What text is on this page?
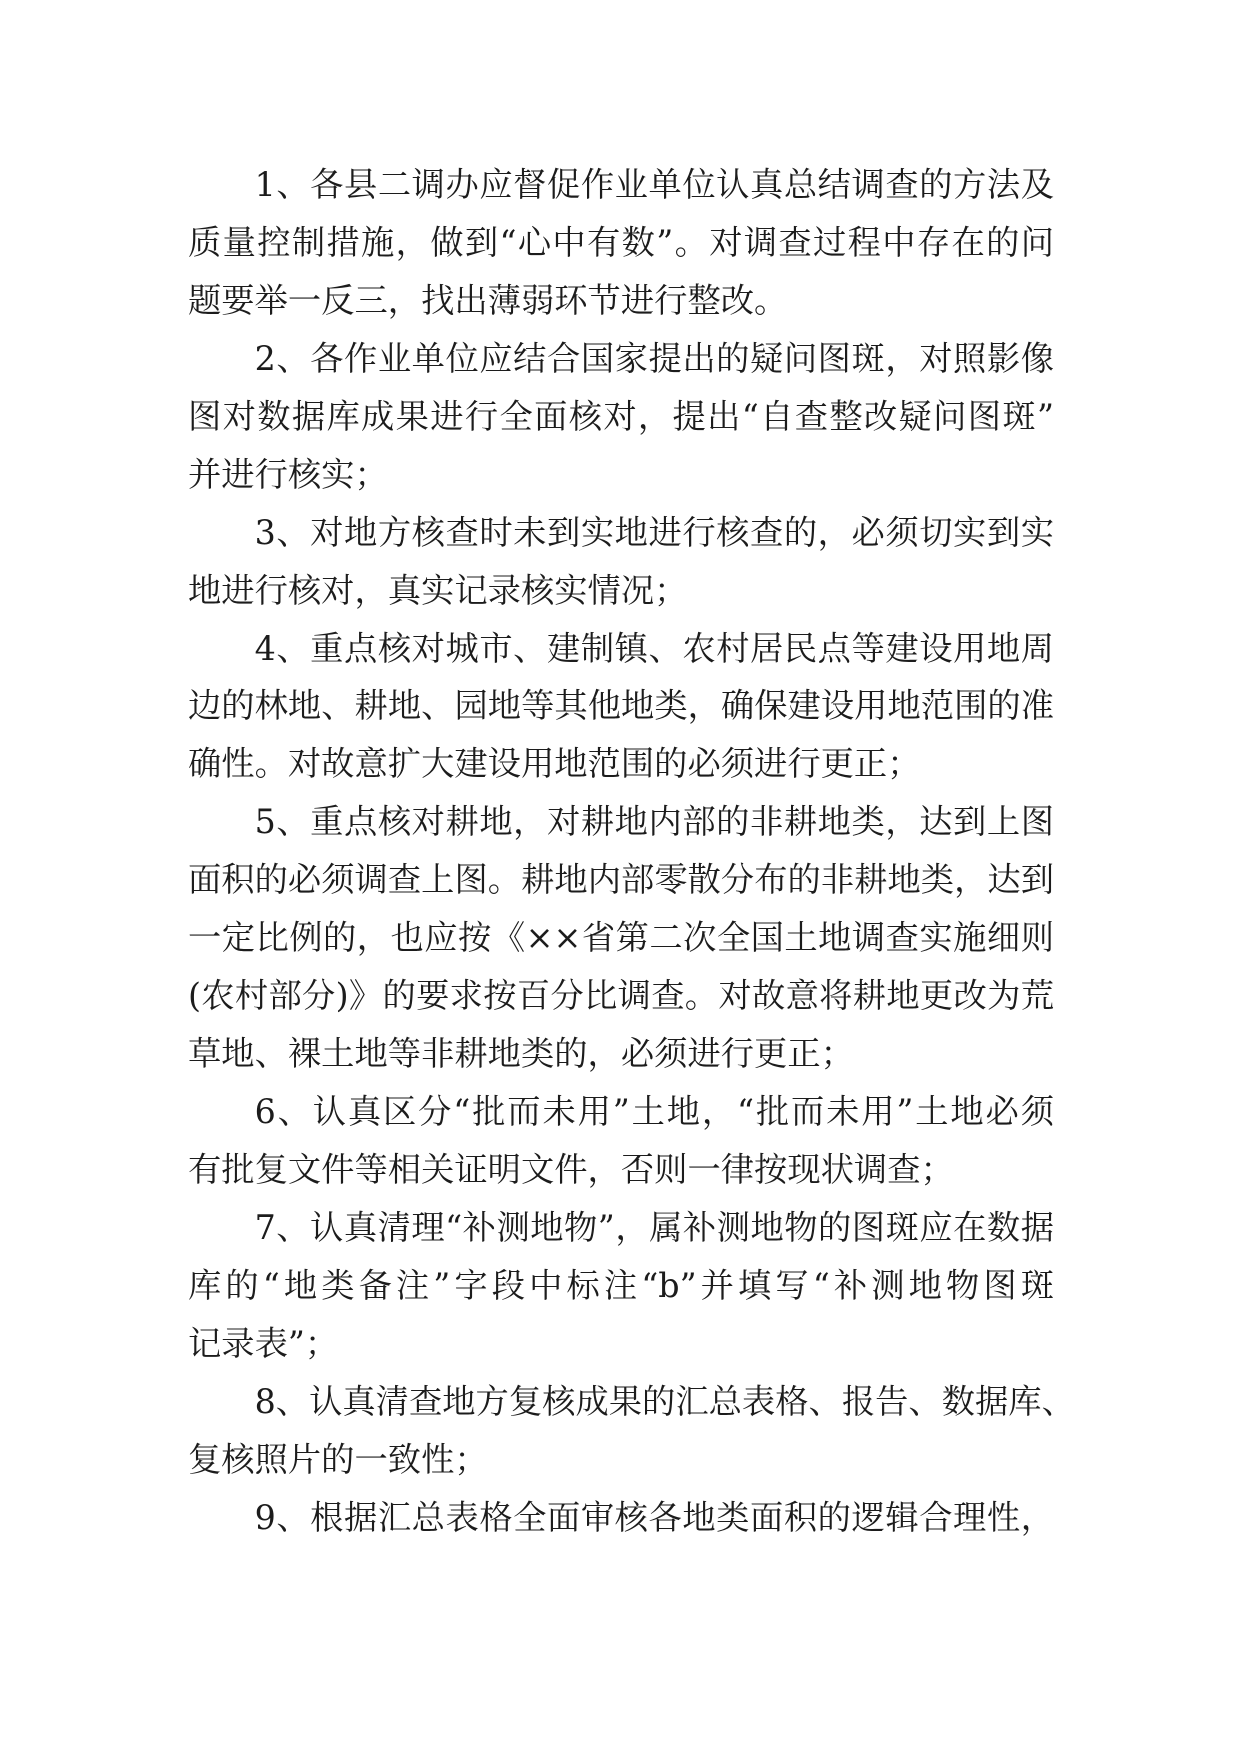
1、各县二调办应督促作业单位认真总结调查的方法及
质量控制措施，做到“心中有数”。对调查过程中存在的问
题要举一反三，找出薄弱环节进行整改。
2、各作业单位应结合国家提出的疑问图斑，对照影像
图对数据库成果进行全面核对，提出“自查整改疑问图斑”
并进行核实；
3、对地方核查时未到实地进行核查的，必须切实到实
地进行核对，真实记录核实情况；
4、重点核对城市、建制镇、农村居民点等建设用地周
边的林地、耕地、园地等其他地类，确保建设用地范围的准
确性。对故意扩大建设用地范围的必须进行更正；
5、重点核对耕地，对耕地内部的非耕地类，达到上图
面积的必须调查上图。耕地内部零散分布的非耕地类，达到
一定比例的，也应按《××省第二次全国土地调查实施细则
(农村部分)》的要求按百分比调查。对故意将耕地更改为荒
草地、裸土地等非耕地类的，必须进行更正；
6、认真区分“批而未用”土地，“批而未用”土地必须
有批复文件等相关证明文件，否则一律按现状调查；
7、认真清理“补测地物”，属补测地物的图斑应在数据
库的“地类备注”字段中标注“b”并填写“补测地物图斑
记录表”；
8、认真清查地方复核成果的汇总表格、报告、数据库、
复核照片的一致性；
9、根据汇总表格全面审核各地类面积的逻辑合理性，
